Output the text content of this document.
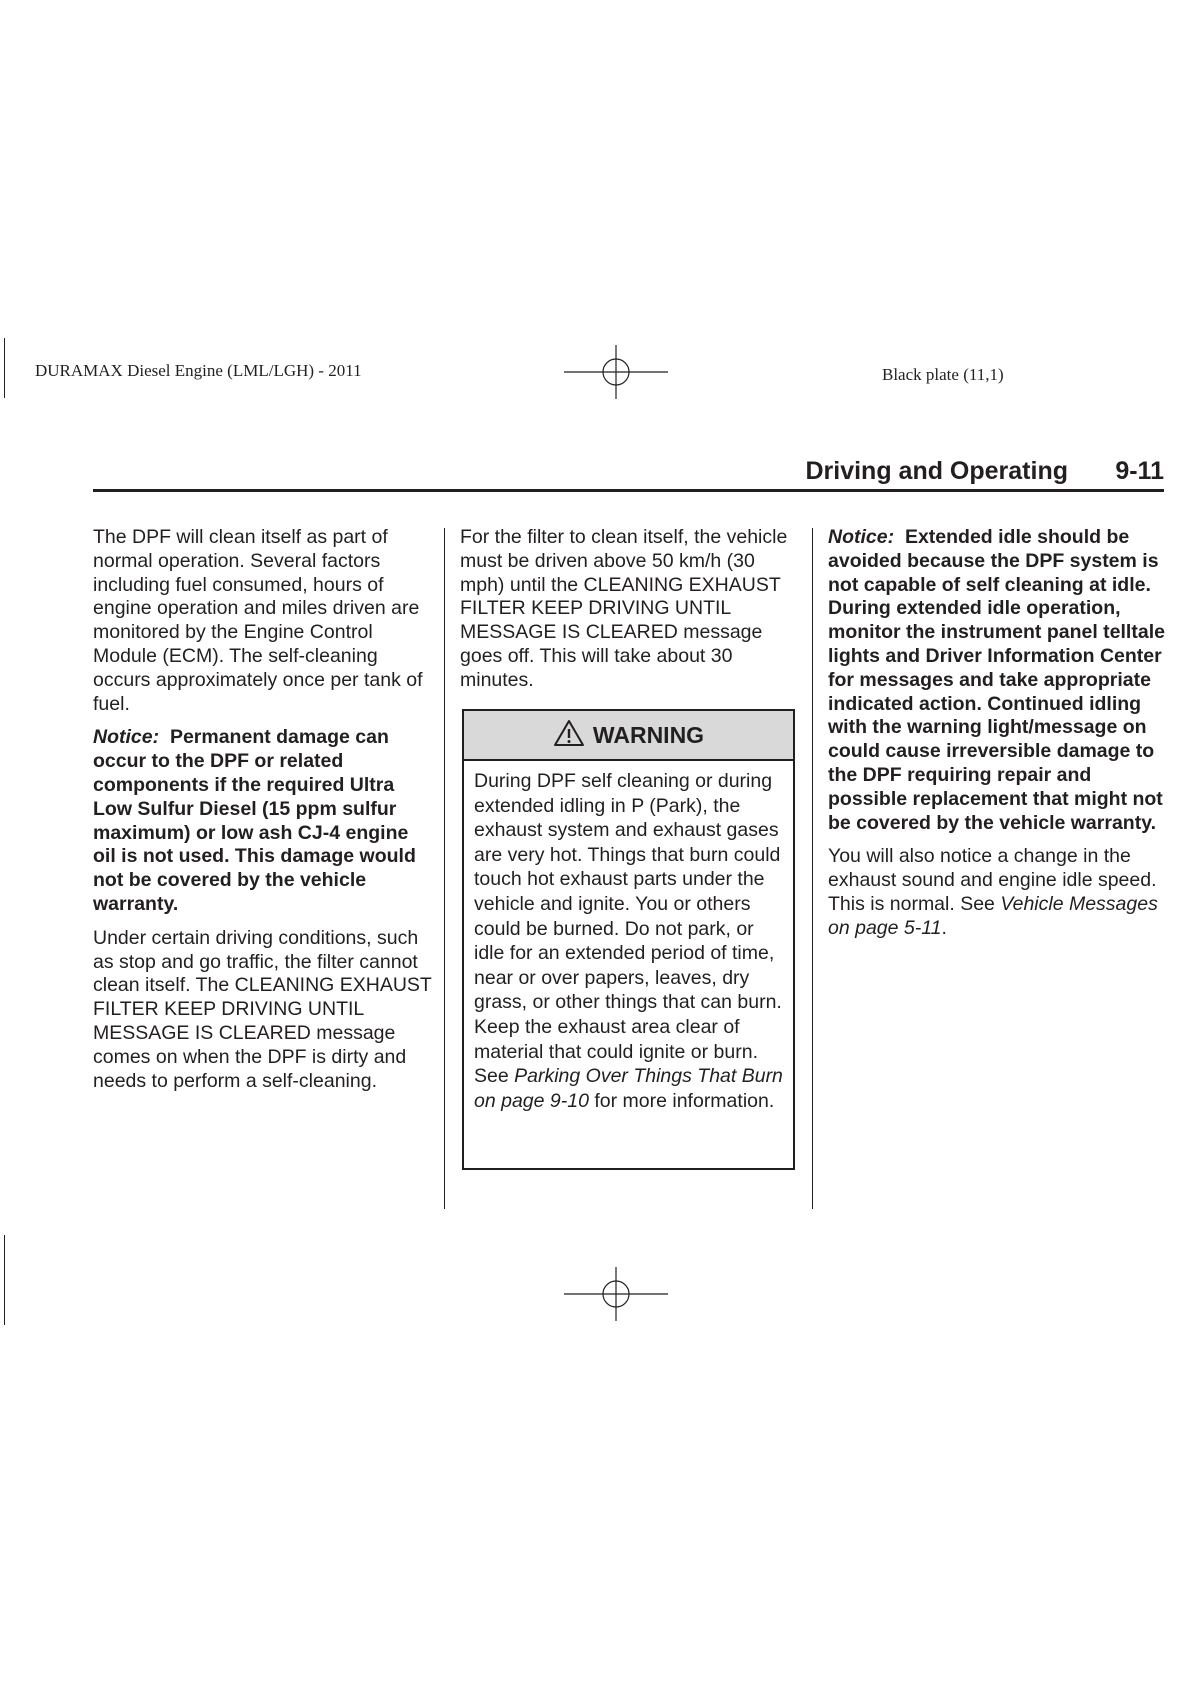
DURAMAX Diesel Engine (LML/LGH) - 2011	Black plate (11,1)
Driving and Operating 9-11

The DPF will clean itself as part of normal operation. Several factors including fuel consumed, hours of engine operation and miles driven are monitored by the Engine Control Module (ECM). The self-cleaning occurs approximately once per tank of fuel.

Notice: Permanent damage can occur to the DPF or related components if the required Ultra Low Sulfur Diesel (15 ppm sulfur maximum) or low ash CJ-4 engine oil is not used. This damage would not be covered by the vehicle warranty.

Under certain driving conditions, such as stop and go traffic, the filter cannot clean itself. The CLEANING EXHAUST FILTER KEEP DRIVING UNTIL MESSAGE IS CLEARED message comes on when the DPF is dirty and needs to perform a self-cleaning.

For the filter to clean itself, the vehicle must be driven above 50 km/h (30 mph) until the CLEANING EXHAUST FILTER KEEP DRIVING UNTIL MESSAGE IS CLEARED message goes off. This will take about 30 minutes.

WARNING
During DPF self cleaning or during extended idling in P (Park), the exhaust system and exhaust gases are very hot. Things that burn could touch hot exhaust parts under the vehicle and ignite. You or others could be burned. Do not park, or idle for an extended period of time, near or over papers, leaves, dry grass, or other things that can burn. Keep the exhaust area clear of material that could ignite or burn. See Parking Over Things That Burn on page 9-10 for more information.

Notice: Extended idle should be avoided because the DPF system is not capable of self cleaning at idle. During extended idle operation, monitor the instrument panel telltale lights and Driver Information Center for messages and take appropriate indicated action. Continued idling with the warning light/message on could cause irreversible damage to the DPF requiring repair and possible replacement that might not be covered by the vehicle warranty.

You will also notice a change in the exhaust sound and engine idle speed. This is normal. See Vehicle Messages on page 5-11.
